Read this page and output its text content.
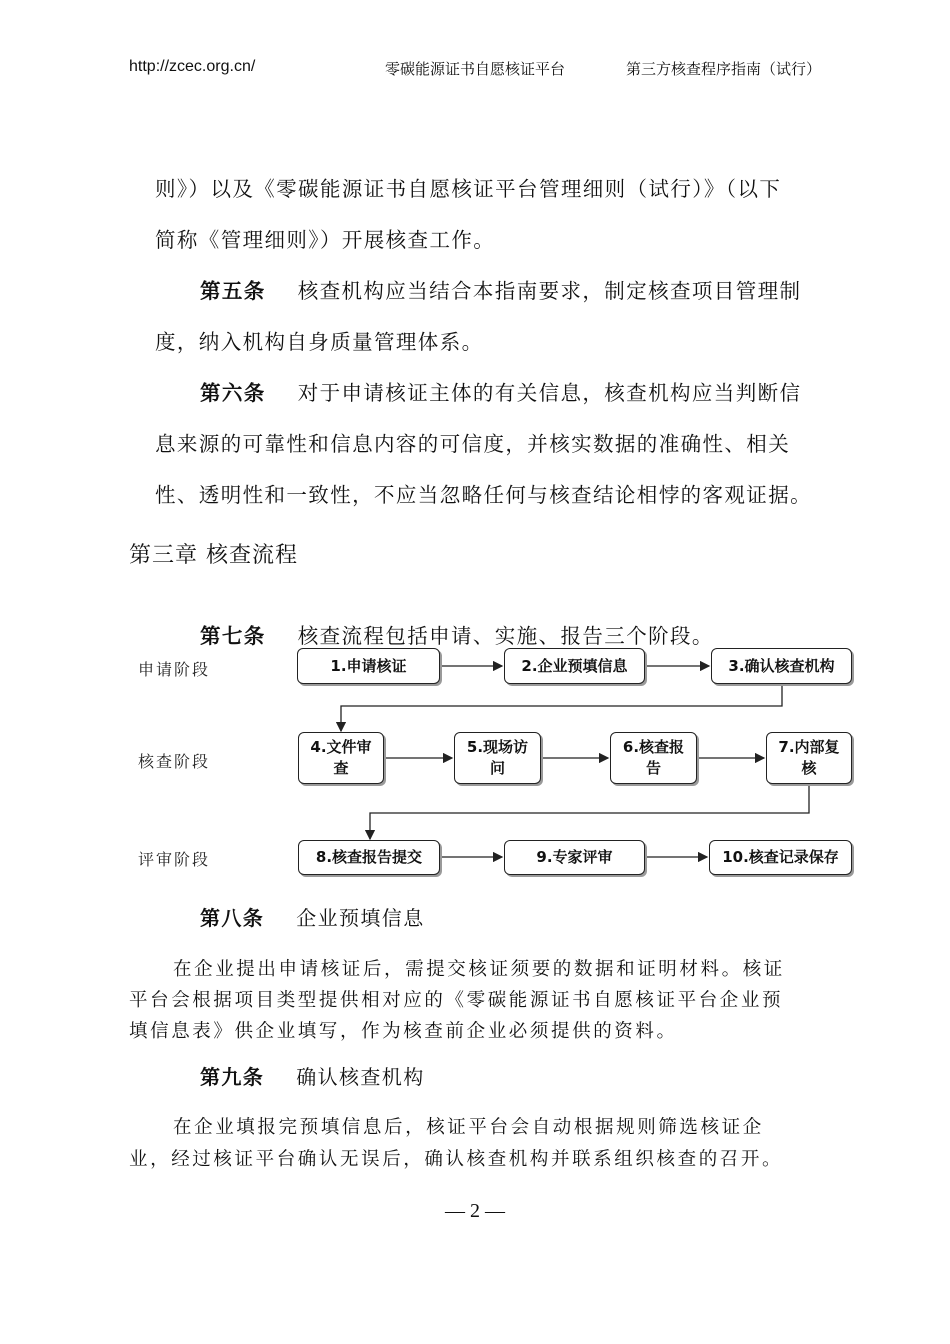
http://zcec.org.cn/	零碳能源证书自愿核证平台	第三方核查程序指南（试行）
则》）以及《零碳能源证书自愿核证平台管理细则（试行）》（以下
简称《管理细则》）开展核查工作。
第五条 核查机构应当结合本指南要求，制定核查项目管理制
度，纳入机构自身质量管理体系。
第六条 对于申请核证主体的有关信息，核查机构应当判断信
息来源的可靠性和信息内容的可信度，并核实数据的准确性、相关
性、透明性和一致性，不应当忽略任何与核查结论相悖的客观证据。
第三章 核查流程
第七条 核查流程包括申请、实施、报告三个阶段。
申请阶段
核查阶段
评审阶段
1.申请核证	2.企业预填信息	3.确认核查机构
4.文件审
查
5.现场访
问
6.核查报
告
7.内部复
核
8.核查报告提交	9.专家评审	10.核查记录保存
第八条 企业预填信息
在企业提出申请核证后，需提交核证须要的数据和证明材料。核证
平台会根据项目类型提供相对应的《零碳能源证书自愿核证平台企业预
填信息表》供企业填写，作为核查前企业必须提供的资料。
第九条 确认核查机构
在企业填报完预填信息后，核证平台会自动根据规则筛选核证企
业，经过核证平台确认无误后，确认核查机构并联系组织核查的召开。
— 2 —
